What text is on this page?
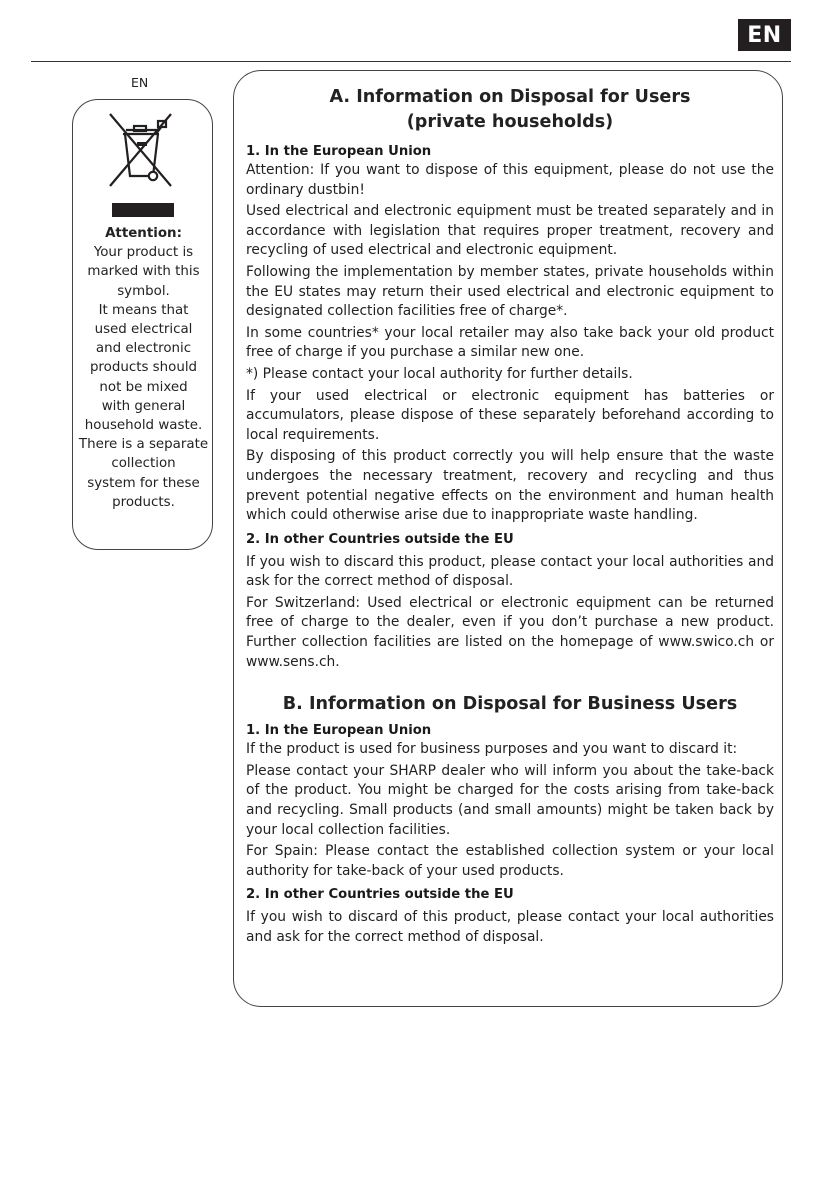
EN
EN
Attention:
Your product is
marked with this
symbol.
It means that
used electrical
and electronic
products should
not be mixed
with general
household waste.
There is a separate
collection
system for these
products.
A. Information on Disposal for Users
(private households)
1. In the European Union

Attention: If you want to dispose of this equipment, please do not use the ordinary dustbin!

Used electrical and electronic equipment must be treated separately and in accordance with legislation that requires proper treatment, recovery and recycling of used electrical and electronic equipment.

Following the implementation by member states, private households within the EU states may return their used electrical and electronic equipment to designated collection facilities free of charge*.

In some countries* your local retailer may also take back your old product free of charge if you purchase a similar new one.

*) Please contact your local authority for further details.

If your used electrical or electronic equipment has batteries or accumulators, please dispose of these separately beforehand according to local requirements.

By disposing of this product correctly you will help ensure that the waste undergoes the necessary treatment, recovery and recycling and thus prevent potential negative effects on the environment and human health which could otherwise arise due to inappropriate waste handling.

2. In other Countries outside the EU

If you wish to discard this product, please contact your local authorities and ask for the correct method of disposal.

For Switzerland: Used electrical or electronic equipment can be returned free of charge to the dealer, even if you don’t purchase a new product. Further collection facilities are listed on the homepage of www.swico.ch or www.sens.ch.

B. Information on Disposal for Business Users
1. In the European Union

If the product is used for business purposes and you want to discard it:

Please contact your SHARP dealer who will inform you about the take-back of the product. You might be charged for the costs arising from take-back and recycling. Small products (and small amounts) might be taken back by your local collection facilities.

For Spain: Please contact the established collection system or your local authority for take-back of your used products.

2. In other Countries outside the EU

If you wish to discard of this product, please contact your local authorities and ask for the correct method of disposal.
